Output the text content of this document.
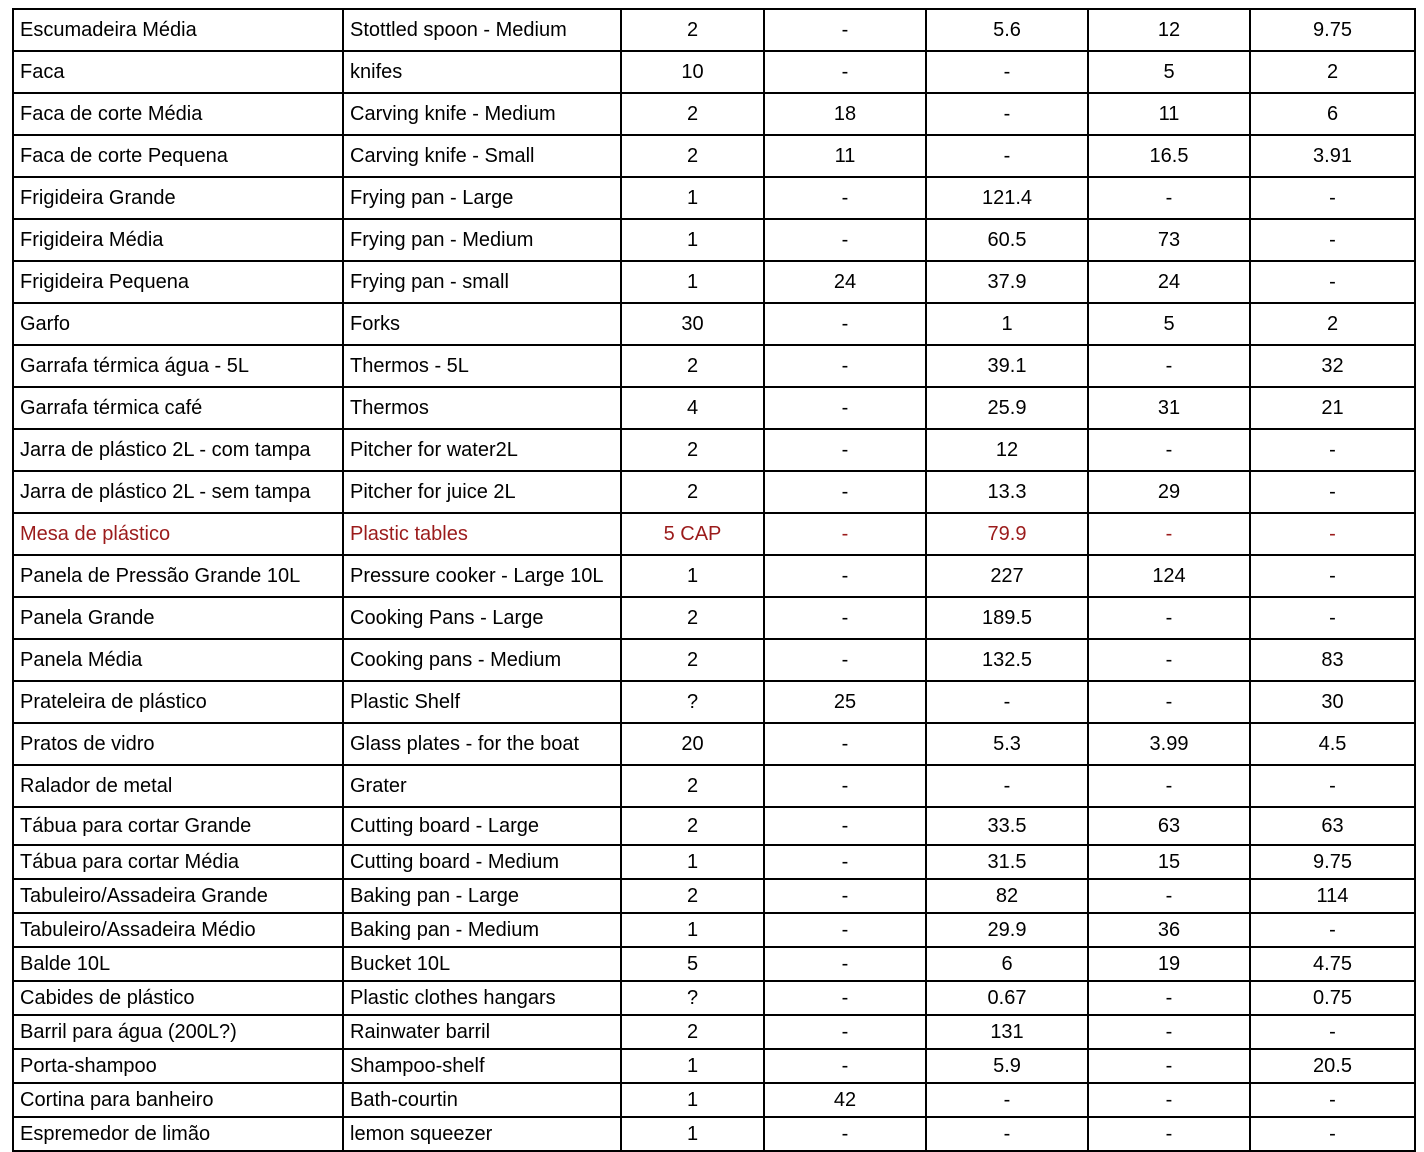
Escumadeira Média	Stottled spoon - Medium	2	-	5.6	12	9.75
Faca	knifes	10	-	-	5	2
Faca de corte Média	Carving knife - Medium	2	18	-	11	6
Faca de corte Pequena	Carving knife - Small	2	11	-	16.5	3.91
Frigideira Grande	Frying pan - Large	1	-	121.4	-	-
Frigideira Média	Frying pan - Medium	1	-	60.5	73	-
Frigideira Pequena	Frying pan - small	1	24	37.9	24	-
Garfo	Forks	30	-	1	5	2
Garrafa térmica água - 5L	Thermos - 5L	2	-	39.1	-	32
Garrafa térmica café	Thermos	4	-	25.9	31	21
Jarra de plástico 2L - com tampa	Pitcher for water2L	2	-	12	-	-
Jarra de plástico 2L - sem tampa	Pitcher for juice 2L	2	-	13.3	29	-
Mesa de plástico	Plastic tables	5 CAP	-	79.9	-	-
Panela de Pressão Grande 10L	Pressure cooker - Large 10L	1	-	227	124	-
Panela Grande	Cooking Pans - Large	2	-	189.5	-	-
Panela Média	Cooking pans - Medium	2	-	132.5	-	83
Prateleira de plástico	Plastic Shelf	?	25	-	-	30
Pratos de vidro	Glass plates - for the boat	20	-	5.3	3.99	4.5
Ralador de metal	Grater	2	-	-	-	-
Tábua para cortar Grande	Cutting board - Large	2	-	33.5	63	63
Tábua para cortar Média	Cutting board - Medium	1	-	31.5	15	9.75
Tabuleiro/Assadeira Grande	Baking pan - Large	2	-	82	-	114
Tabuleiro/Assadeira Médio	Baking pan - Medium	1	-	29.9	36	-
Balde 10L	Bucket 10L	5	-	6	19	4.75
Cabides de plástico	Plastic clothes hangars	?	-	0.67	-	0.75
Barril para água (200L?)	Rainwater barril	2	-	131	-	-
Porta-shampoo	Shampoo-shelf	1	-	5.9	-	20.5
Cortina para banheiro	Bath-courtin	1	42	-	-	-
Espremedor de limão	lemon squeezer	1	-	-	-	-
